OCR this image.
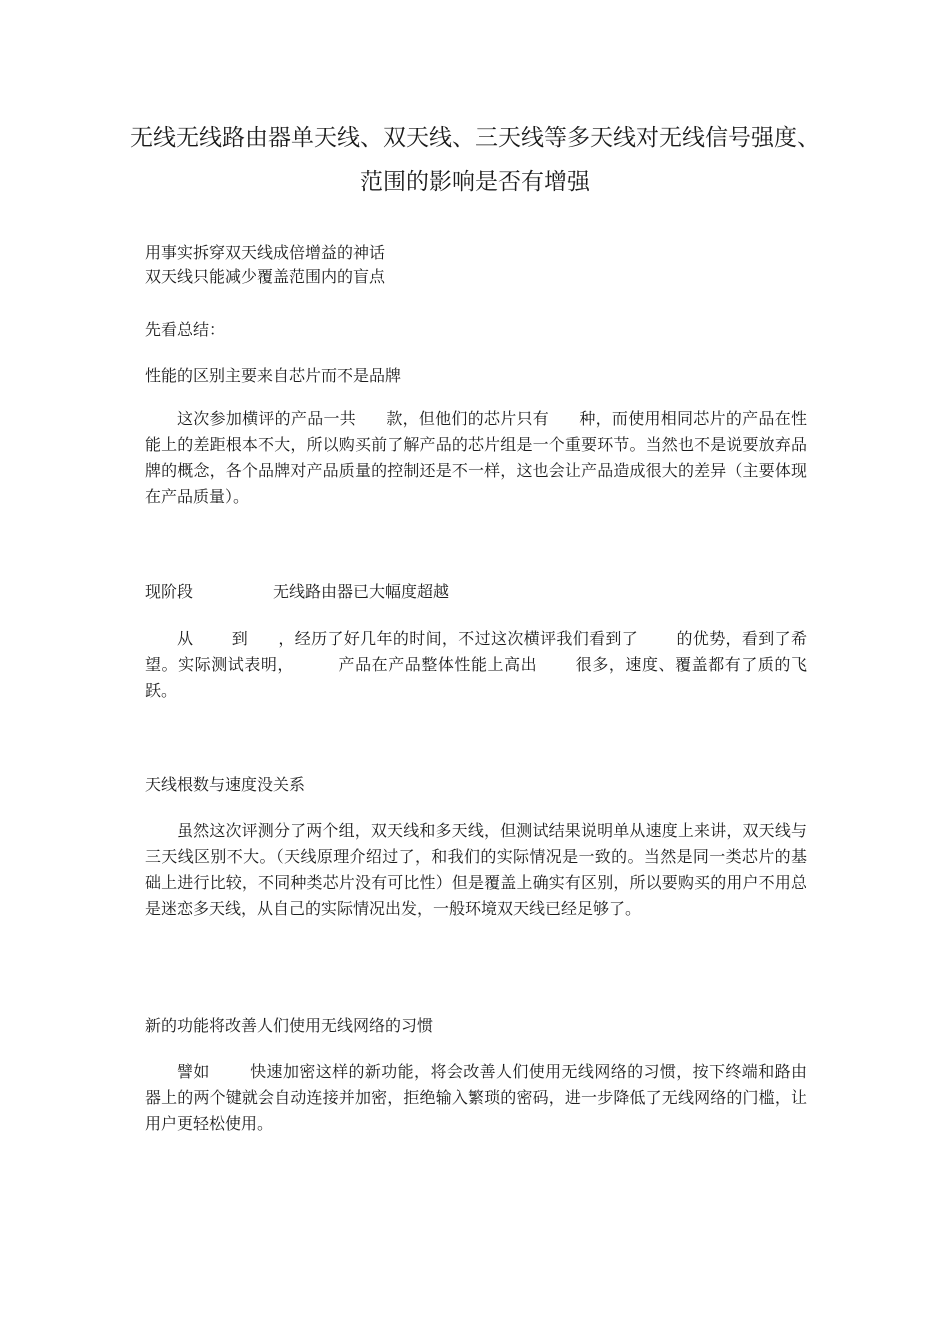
无线无线路由器单天线、双天线、三天线等多天线对无线信号强度、范围的影响是否有增强
用事实拆穿双天线成倍增益的神话
双天线只能减少覆盖范围内的盲点
先看总结：
性能的区别主要来自芯片而不是品牌

这次参加横评的产品一共 款，但他们的芯片只有 种，而使用相同芯片的产品在性能上的差距根本不大，所以购买前了解产品的芯片组是一个重要环节。当然也不是说要放弃品牌的概念，各个品牌对产品质量的控制还是不一样，这也会让产品造成很大的差异（主要体现在产品质量）。

现阶段	无线路由器已大幅度超越

从 到 ，经历了好几年的时间，不过这次横评我们看到了 的优势，看到了希望。实际测试表明，	产品在产品整体性能上高出 很多，速度、覆盖都有了质的飞跃。

天线根数与速度没关系

虽然这次评测分了两个组，双天线和多天线，但测试结果说明单从速度上来讲，双天线与三天线区别不大。（天线原理介绍过了，和我们的实际情况是一致的。当然是同一类芯片的基础上进行比较，不同种类芯片没有可比性）但是覆盖上确实有区别，所以要购买的用户不用总是迷恋多天线，从自己的实际情况出发，一般环境双天线已经足够了。

新的功能将改善人们使用无线网络的习惯

譬如	快速加密这样的新功能，将会改善人们使用无线网络的习惯，按下终端和路由器上的两个键就会自动连接并加密，拒绝输入繁琐的密码，进一步降低了无线网络的门槛，让用户更轻松使用。
